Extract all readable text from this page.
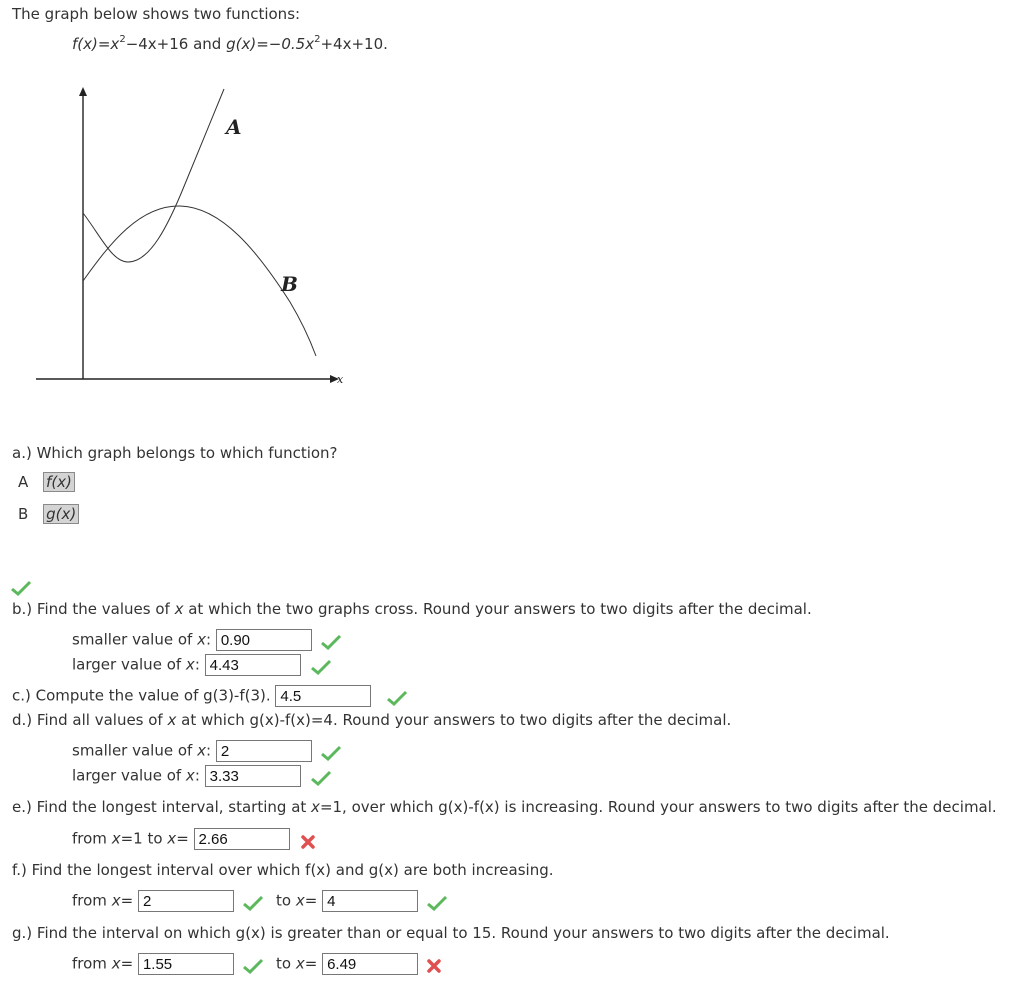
The graph below shows two functions:
$f(x)=x^2-4x+16$ and $g(x)=-0.5x^2+4x+10$.
A
B
x
a.) Which graph belongs to which function?
A f(x)
B g(x)
b.) Find the values of x at which the two graphs cross. Round your answers to two digits after the decimal.
smaller value of x: 0.90
larger value of x: 4.43
c.) Compute the value of g(3)-f(3). 4.5
d.) Find all values of x at which g(x)-f(x)=4. Round your answers to two digits after the decimal.
smaller value of x: 2
larger value of x: 3.33
e.) Find the longest interval, starting at x=1, over which g(x)-f(x) is increasing. Round your answers to two digits after the decimal.
from x=1 to x= 2.66
f.) Find the longest interval over which f(x) and g(x) are both increasing.
from x= 2	to x= 4
g.) Find the interval on which g(x) is greater than or equal to 15. Round your answers to two digits after the decimal.
from x= 1.55	to x= 6.49
